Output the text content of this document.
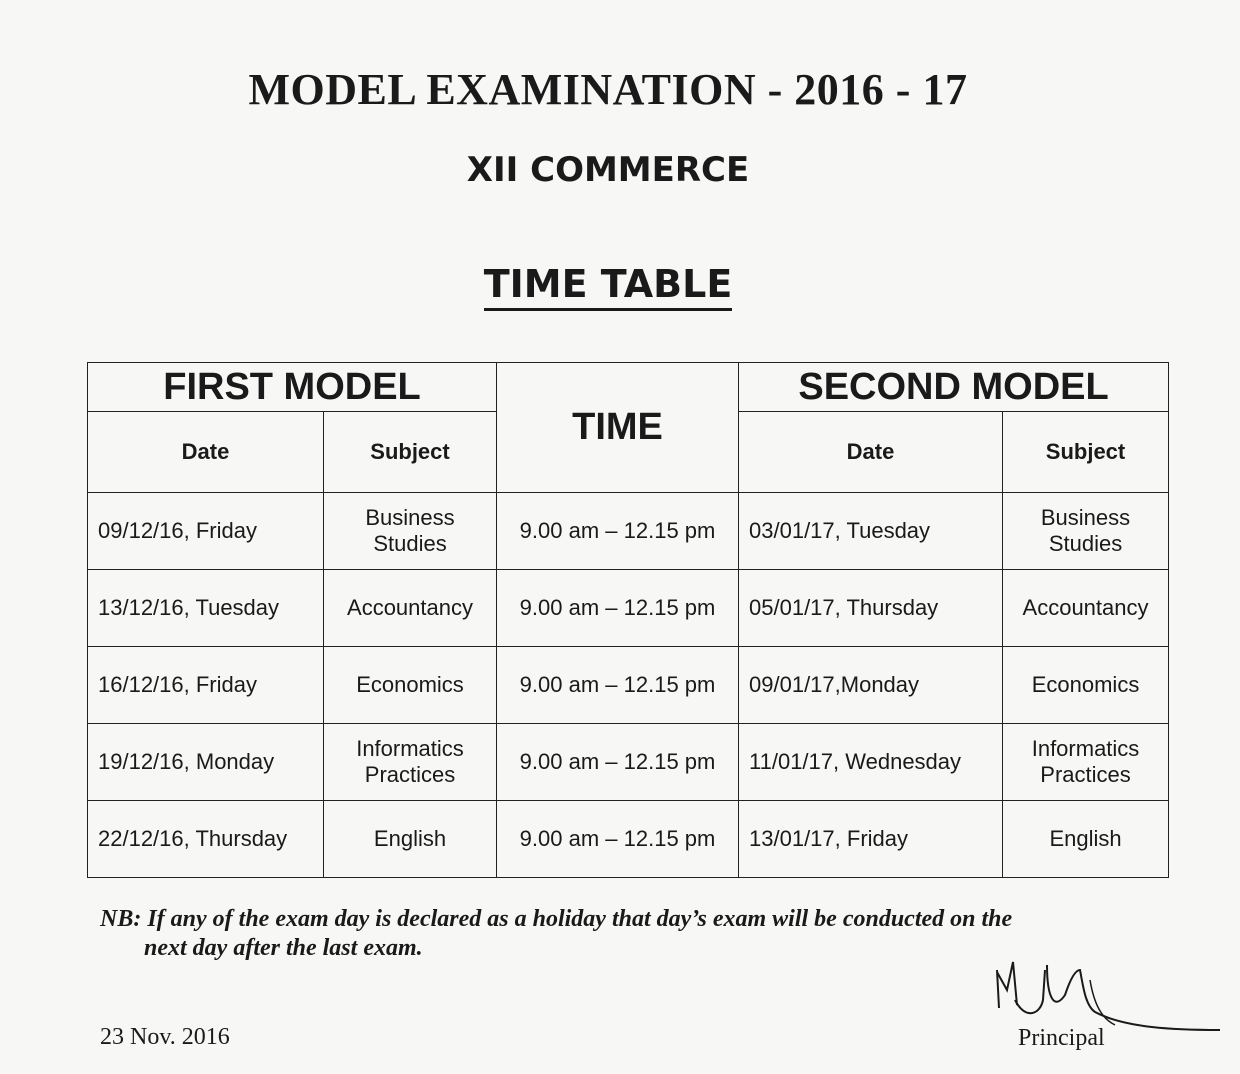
MODEL EXAMINATION - 2016 - 17
XII COMMERCE
TIME TABLE
FIRST MODEL		TIME	SECOND MODEL	
Date	Subject		Date	Subject
09/12/16, Friday	Business Studies	9.00 am – 12.15 pm	03/01/17, Tuesday	Business Studies
13/12/16, Tuesday	Accountancy	9.00 am – 12.15 pm	05/01/17, Thursday	Accountancy
16/12/16, Friday	Economics	9.00 am – 12.15 pm	09/01/17,Monday	Economics
19/12/16, Monday	Informatics Practices	9.00 am – 12.15 pm	11/01/17, Wednesday	Informatics Practices
22/12/16, Thursday	English	9.00 am – 12.15 pm	13/01/17, Friday	English
NB: If any of the exam day is declared as a holiday that day’s exam will be conducted on the
next day after the last exam.
23 Nov. 2016	Principal
